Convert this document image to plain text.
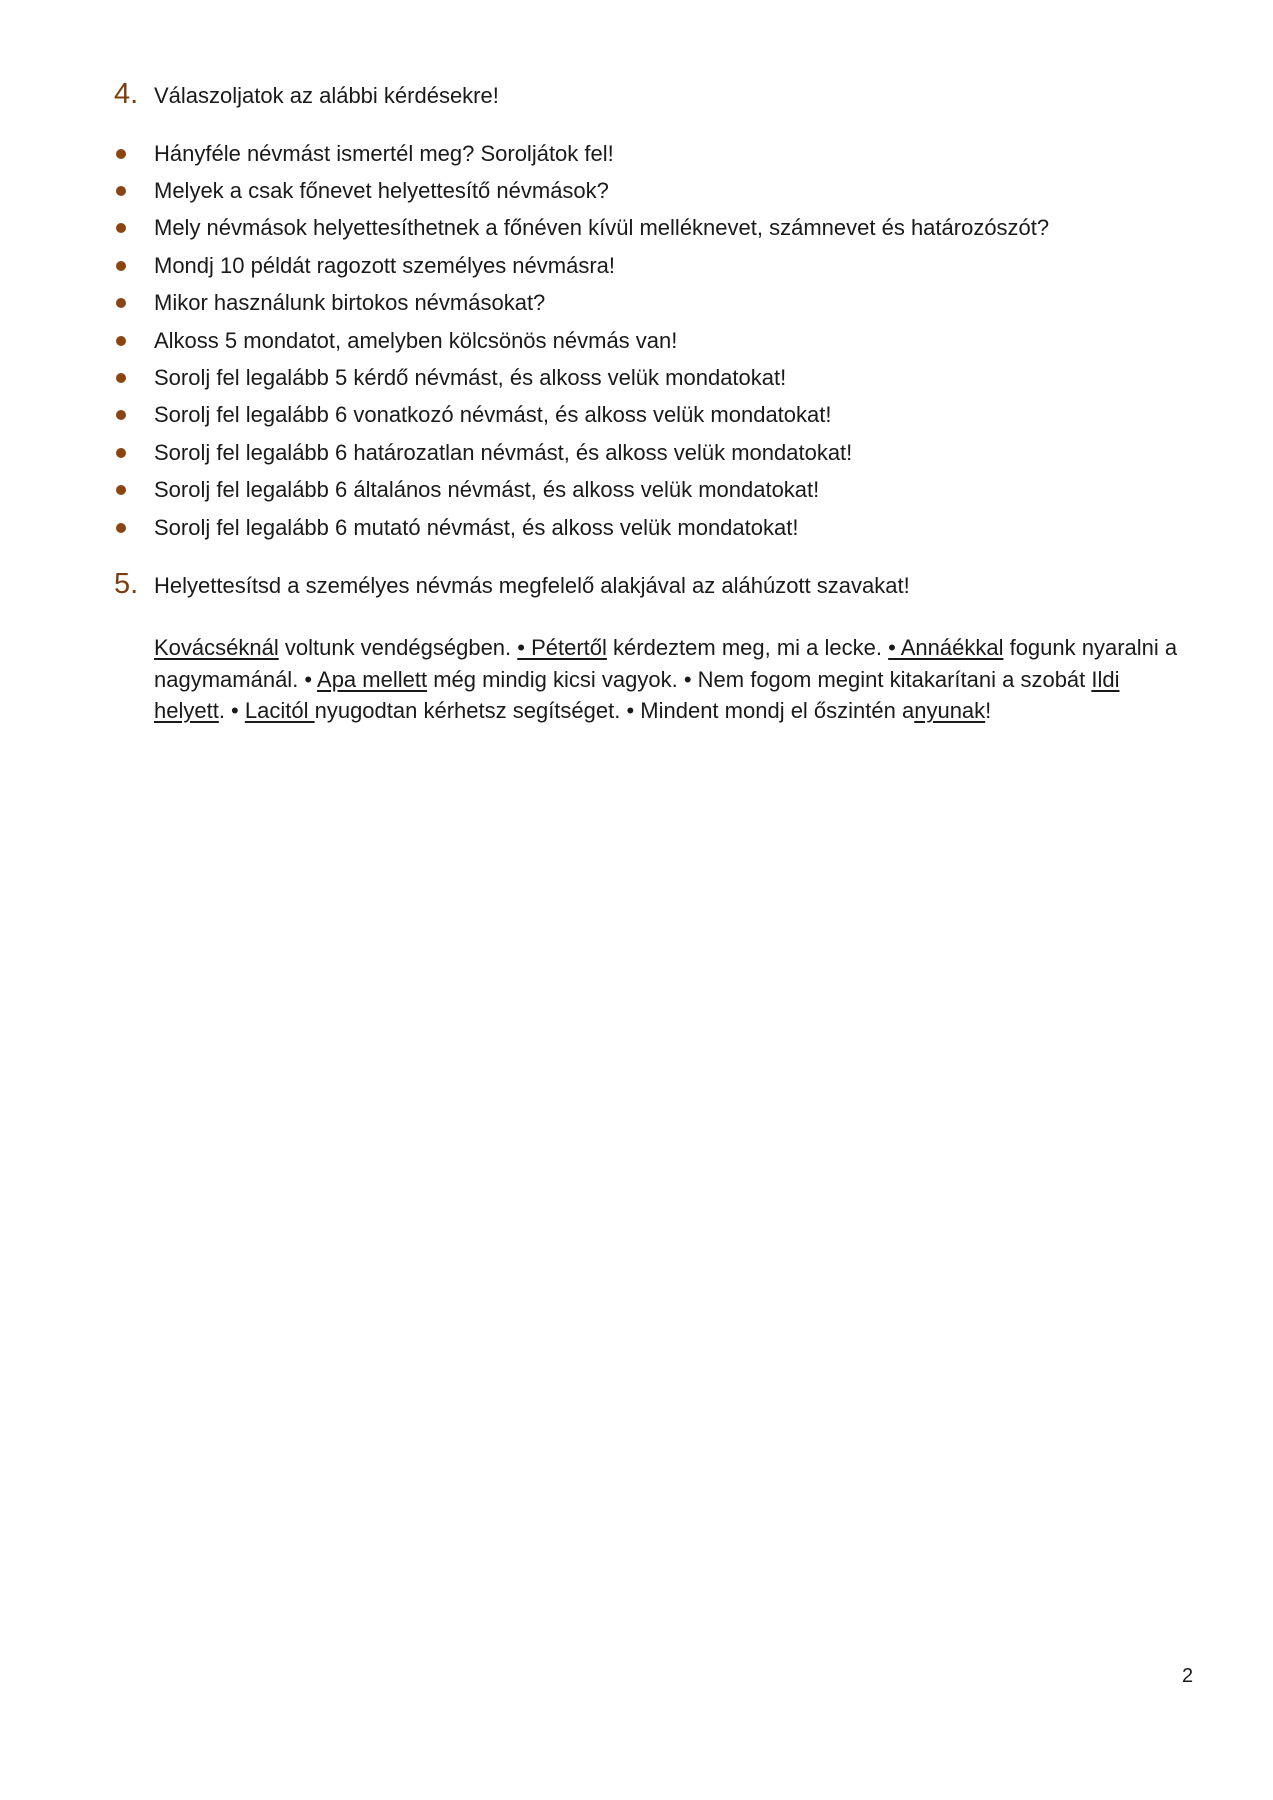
4. Válaszoljatok az alábbi kérdésekre!
Hányféle névmást ismertél meg? Soroljátok fel!
Melyek a csak főnevet helyettesítő névmások?
Mely névmások helyettesíthetnek a főnéven kívül melléknevet, számnevet és határozószót?
Mondj 10 példát ragozott személyes névmásra!
Mikor használunk birtokos névmásokat?
Alkoss 5 mondatot, amelyben kölcsönös névmás van!
Sorolj fel legalább 5 kérdő névmást, és alkoss velük mondatokat!
Sorolj fel legalább 6 vonatkozó névmást, és alkoss velük mondatokat!
Sorolj fel legalább 6 határozatlan névmást, és alkoss velük mondatokat!
Sorolj fel legalább 6 általános névmást, és alkoss velük mondatokat!
Sorolj fel legalább 6 mutató névmást, és alkoss velük mondatokat!
5. Helyettesítsd a személyes névmás megfelelő alakjával az aláhúzott szavakat!
Kovácséknál voltunk vendégségben. • Pétertől kérdeztem meg, mi a lecke. • Annáékkal fogunk nyaralni a nagymamánál. • Apa mellett még mindig kicsi vagyok. • Nem fogom megint kitakarítani a szobát Ildi helyett. • Lacitól nyugodtan kérhetsz segítséget. • Mindent mondj el őszintén anyunak!
2
